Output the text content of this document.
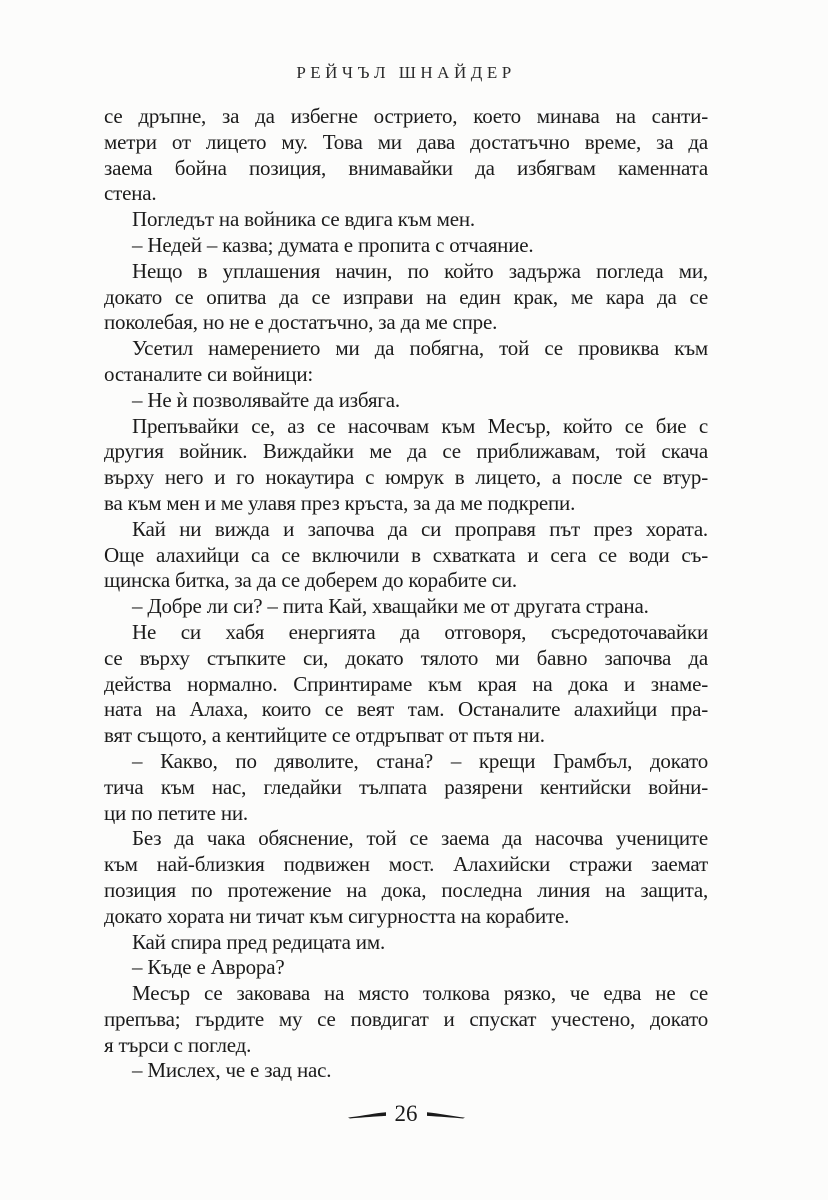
РЕЙЧЪЛ ШНАЙДЕР
се дръпне, за да избегне острието, което минава на санти-
метри от лицето му. Това ми дава достатъчно време, за да
заема бойна позиция, внимавайки да избягвам каменната
стена.
Погледът на войника се вдига към мен.
– Недей – казва; думата е пропита с отчаяние.
Нещо в уплашения начин, по който задържа погледа ми,
докато се опитва да се изправи на един крак, ме кара да се
поколебая, но не е достатъчно, за да ме спре.
Усетил намерението ми да побягна, той се провиква към
останалите си войници:
– Не ѝ позволявайте да избяга.
Препъвайки се, аз се насочвам към Месър, който се бие с
другия войник. Виждайки ме да се приближавам, той скача
върху него и го нокаутира с юмрук в лицето, а после се втур-
ва към мен и ме улавя през кръста, за да ме подкрепи.
Кай ни вижда и започва да си проправя път през хората.
Още алахийци са се включили в схватката и сега се води съ-
щинска битка, за да се доберем до корабите си.
– Добре ли си? – пита Кай, хващайки ме от другата страна.
Не си хабя енергията да отговоря, съсредоточавайки
се върху стъпките си, докато тялото ми бавно започва да
действа нормално. Спринтираме към края на дока и знаме-
ната на Алаха, които се веят там. Останалите алахийци пра-
вят същото, а кентийците се отдръпват от пътя ни.
– Какво, по дяволите, стана? – крещи Грамбъл, докато
тича към нас, гледайки тълпата разярени кентийски войни-
ци по петите ни.
Без да чака обяснение, той се заема да насочва учениците
към най-близкия подвижен мост. Алахийски стражи заемат
позиция по протежение на дока, последна линия на защита,
докато хората ни тичат към сигурността на корабите.
Кай спира пред редицата им.
– Къде е Аврора?
Месър се заковава на място толкова рязко, че едва не се
препъва; гърдите му се повдигат и спускат учестено, докато
я търси с поглед.
– Мислех, че е зад нас.
26
